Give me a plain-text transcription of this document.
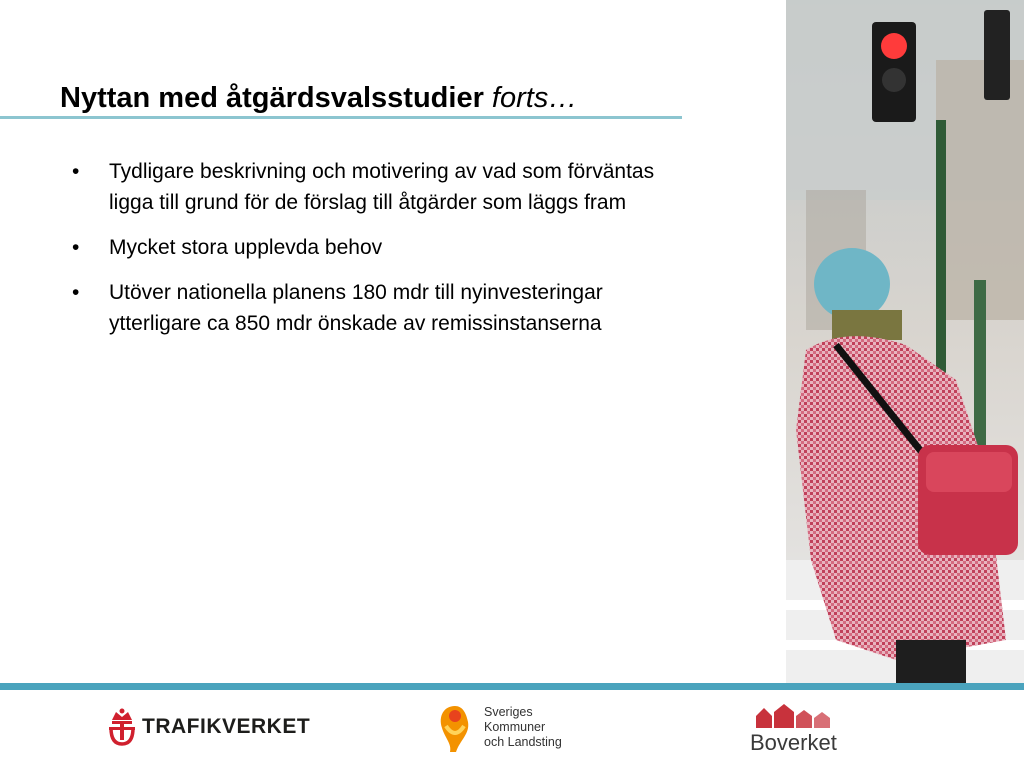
Nyttan med åtgärdsvalsstudier forts…
• Tydligare beskrivning och motivering av vad som förväntas ligga till grund för de förslag till åtgärder som läggs fram
• Mycket stora upplevda behov
• Utöver nationella planens 180 mdr till nyinvesteringar ytterligare ca 850 mdr önskade av remissinstanserna
TRAFIKVERKET
Sveriges
Kommuner
och Landsting	Boverket
